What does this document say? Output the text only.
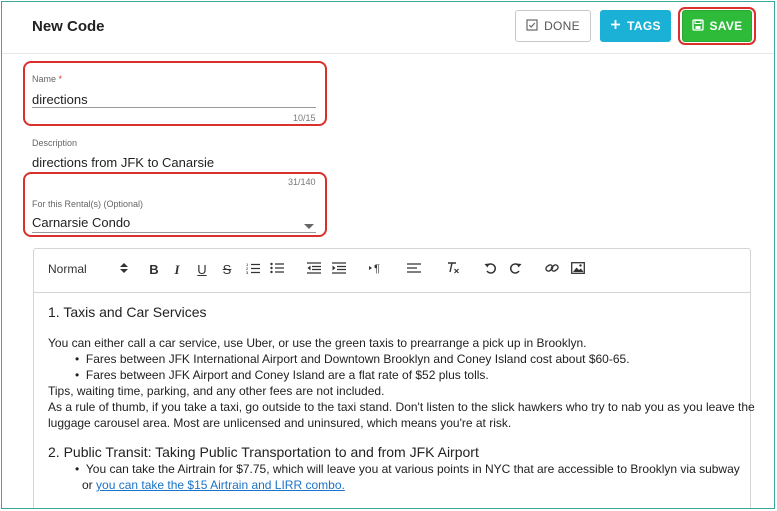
New Code	DONE	TAGS	SAVE
Name *
directions
10/15
Description
directions from JFK to Canarsie
31/140
For this Rental(s) (Optional)
Carnarsie Condo
Normal	B I U S	1
2
3	¶
1. Taxis and Car Services
You can either call a car service, use Uber, or use the green taxis to prearrange a pick up in Brooklyn.
•  Fares between JFK International Airport and Downtown Brooklyn and Coney Island cost about $60-65.
•  Fares between JFK Airport and Coney Island are a flat rate of $52 plus tolls.
Tips, waiting time, parking, and any other fees are not included.
As a rule of thumb, if you take a taxi, go outside to the taxi stand. Don't listen to the slick hawkers who try to nab you as you leave the
luggage carousel area. Most are unlicensed and uninsured, which means you're at risk.
2. Public Transit: Taking Public Transportation to and from JFK Airport
•  You can take the Airtrain for $7.75, which will leave you at various points in NYC that are accessible to Brooklyn via subway
or you can take the $15 Airtrain and LIRR combo.
